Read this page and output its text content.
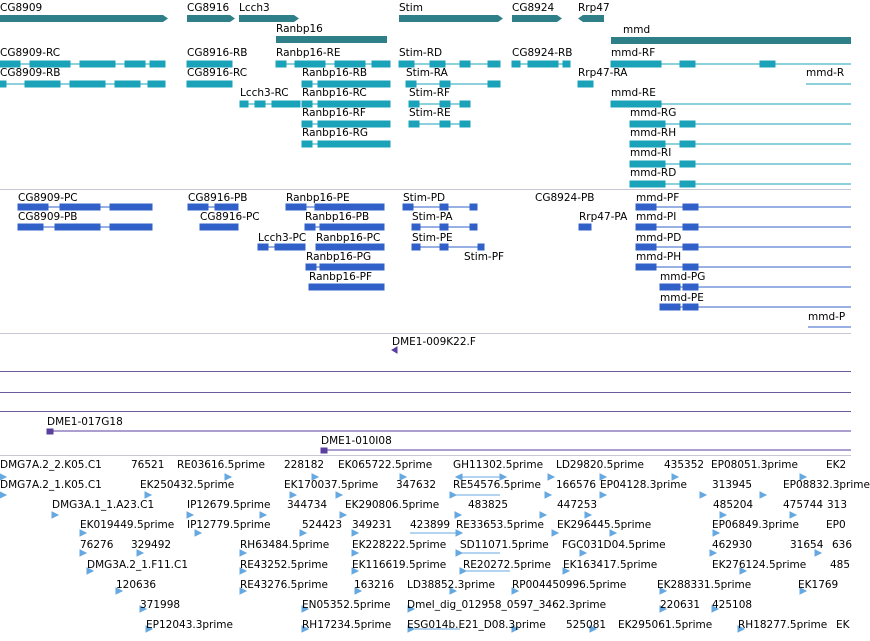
CG8909	CG8916 Lcch3
Ranbp16
Stim	CG8924 Rrp47
mmd
CG8909-RC
CG8909-RB
CG8916-RB
CG8916-RC
Lcch3-RC
Ranbp16-RE
Ranbp16-RB
Ranbp16-RC
Ranbp16-RF
Ranbp16-RG
Stim-RD
Stim-RA
Stim-RF
Stim-RE
CG8924-RB
Rrp47-RA
mmd-RF
mmd-R
mmd-RE
mmd-RG
mmd-RH
mmd-RI
mmd-RD
CG8909-PC
CG8909-PB
CG8916-PB
CG8916-PC
Lcch3-PC
Ranbp16-PE
Ranbp16-PB
Ranbp16-PC
Ranbp16-PG
Ranbp16-PF
Stim-PD
Stim-PA
Stim-PE
Stim-PF
CG8924-PB
Rrp47-PA
mmd-PF
mmd-PI
mmd-PD
mmd-PH
mmd-PG
mmd-PE
mmd-P
DME1-009K22.F
DME1-017G18
DME1-010I08
DMG7A.2_2.K05.C1	76521 RE03616.5prime 228182 EK065722.5prime GH11302.5prime LD29820.5prime 435352 EP08051.3prime	EK2
DMG7A.2_1.K05.C1	EK250432.5prime	EK170037.5prime 347632 RE54576.5prime 166576 EP04128.3prime 313945	EP08832.3prime
DMG3A.1_1.A23.C1	IP12679.5prime 344734 EK290806.5prime	483825	447253	485204	475744 313
EK019449.5prime IP12779.5prime	524423 349231 423899 RE33653.5prime EK296445.5prime	EP06849.3prime	EP0
76276 329492	RH63484.5prime EK228222.5prime SD11071.5prime FGC031D04.5prime	462930	31654 636
DMG3A.2_1.F11.C1	RE43252.5prime EK116619.5prime RE20272.5prime EK163417.5prime	EK276124.5prime 485
120636	RE43276.5prime 163216 LD38852.3prime RP004450996.5prime	EK288331.5prime	EK1769
371998	EN05352.5prime Dmel_dig_012958_0597_3462.3prime	220631 425108
EP12043.3prime	RH17234.5prime ESG014b.E21_D08.3prime 525081 EK295061.5prime RH18277.5prime EK
